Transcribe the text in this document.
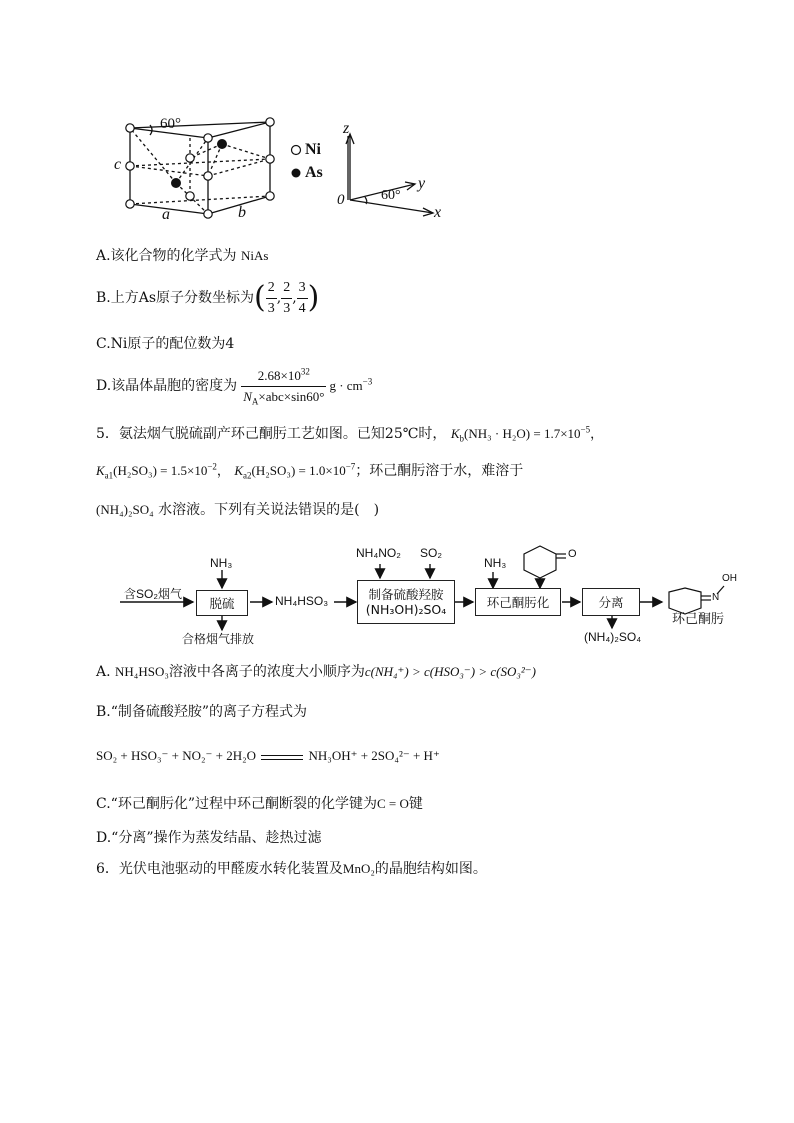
60°
c
a	b
Ni
As
z
y
x
0	60°
A.该化合物的化学式为 NiAs
B.上方As原子分数坐标为 ( $\frac{2}{3}$ , $\frac{2}{3}$ , $\frac{3}{4}$ )
C.Ni原子的配位数为4
D.该晶体晶胞的密度为 $\frac{2.68\times 10^{32}}{N_A\times abc\times\sin 60^\circ}$ $g \cdot cm^{-3}$
5．氨法烟气脱硫副产环己酮肟工艺如图。已知25℃时， $K_b(NH_3 \cdot H_2O) = 1.7\times 10^{-5}$，
$K_{a1}(H_2SO_3) = 1.5\times 10^{-2}$， $K_{a2}(H_2SO_3) = 1.0\times 10^{-7}$；环己酮肟溶于水，难溶于
(NH₄)₂SO₄ 水溶液。下列有关说法错误的是(　)
含SO₂烟气
NH₃
脱硫
合格烟气排放
NH₄HSO₃
NH₄NO₂ SO₂
制备硫酸羟胺
(NH₃OH)₂SO₄
NH₃
O
环己酮肟化	分离
(NH₄)₂SO₄
OH
N
环己酮肟
A. NH₄HSO₃溶液中各离子的浓度大小顺序为c(NH₄⁺) > c(HSO₃⁻) > c(SO₃²⁻)
B.“制备硫酸羟胺”的离子方程式为
SO₂ + HSO₃⁻ + NO₂⁻ + 2H₂O	NH₃OH⁺ + 2SO₄²⁻ + H⁺
C.“环己酮肟化”过程中环己酮断裂的化学键为C = O键
D.“分离”操作为蒸发结晶、趁热过滤
6．光伏电池驱动的甲醛废水转化装置及MnO₂的晶胞结构如图。
